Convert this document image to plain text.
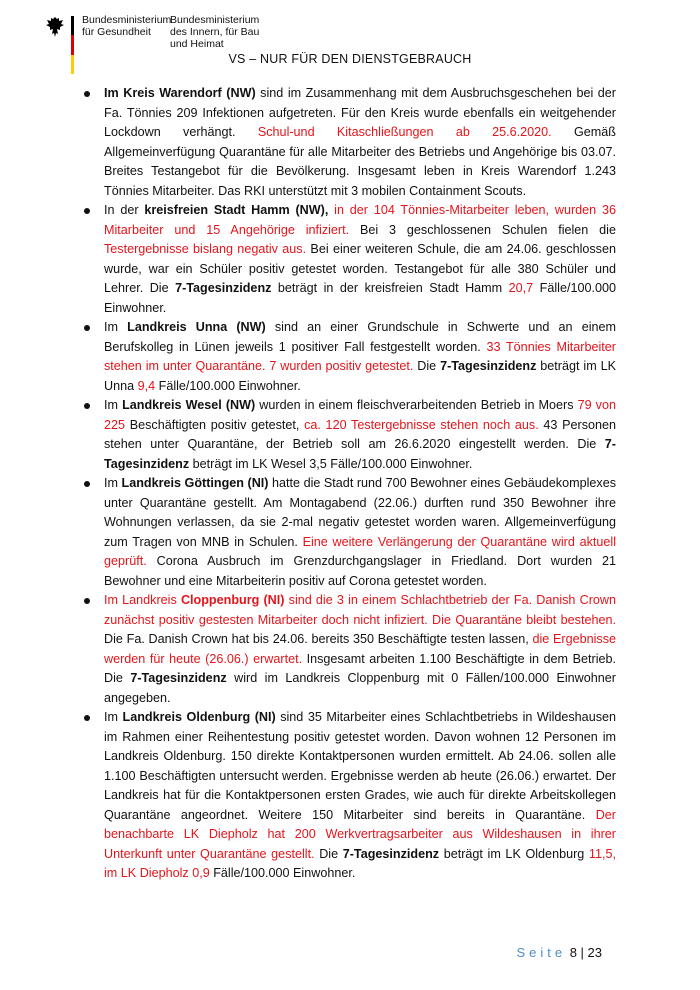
Bundesministerium
für Gesundheit
Bundesministerium
des Innern, für Bau
und Heimat
VS – NUR FÜR DEN DIENSTGEBRAUCH
Im Kreis Warendorf (NW) sind im Zusammenhang mit dem Ausbruchsgeschehen bei der Fa. Tönnies 209 Infektionen aufgetreten. Für den Kreis wurde ebenfalls ein weitgehender Lockdown verhängt. Schul-und Kitaschließungen ab 25.6.2020. Gemäß Allgemeinverfügung Quarantäne für alle Mitarbeiter des Betriebs und Angehörige bis 03.07. Breites Testangebot für die Bevölkerung. Insgesamt leben in Kreis Warendorf 1.243 Tönnies Mitarbeiter. Das RKI unterstützt mit 3 mobilen Containment Scouts.
In der kreisfreien Stadt Hamm (NW), in der 104 Tönnies-Mitarbeiter leben, wurden 36 Mitarbeiter und 15 Angehörige infiziert. Bei 3 geschlossenen Schulen fielen die Testergebnisse bislang negativ aus. Bei einer weiteren Schule, die am 24.06. geschlossen wurde, war ein Schüler positiv getestet worden. Testangebot für alle 380 Schüler und Lehrer. Die 7-Tagesinzidenz beträgt in der kreisfreien Stadt Hamm 20,7 Fälle/100.000 Einwohner.
Im Landkreis Unna (NW) sind an einer Grundschule in Schwerte und an einem Berufskolleg in Lünen jeweils 1 positiver Fall festgestellt worden. 33 Tönnies Mitarbeiter stehen im unter Quarantäne. 7 wurden positiv getestet. Die 7-Tagesinzidenz beträgt im LK Unna 9,4 Fälle/100.000 Einwohner.
Im Landkreis Wesel (NW) wurden in einem fleischverarbeitenden Betrieb in Moers 79 von 225 Beschäftigten positiv getestet, ca. 120 Testergebnisse stehen noch aus. 43 Personen stehen unter Quarantäne, der Betrieb soll am 26.6.2020 eingestellt werden. Die 7-Tagesinzidenz beträgt im LK Wesel 3,5 Fälle/100.000 Einwohner.
Im Landkreis Göttingen (NI) hatte die Stadt rund 700 Bewohner eines Gebäudekomplexes unter Quarantäne gestellt. Am Montagabend (22.06.) durften rund 350 Bewohner ihre Wohnungen verlassen, da sie 2-mal negativ getestet worden waren. Allgemeinverfügung zum Tragen von MNB in Schulen. Eine weitere Verlängerung der Quarantäne wird aktuell geprüft. Corona Ausbruch im Grenzdurchgangslager in Friedland. Dort wurden 21 Bewohner und eine Mitarbeiterin positiv auf Corona getestet worden.
Im Landkreis Cloppenburg (NI) sind die 3 in einem Schlachtbetrieb der Fa. Danish Crown zunächst positiv gestesten Mitarbeiter doch nicht infiziert. Die Quarantäne bleibt bestehen. Die Fa. Danish Crown hat bis 24.06. bereits 350 Beschäftigte testen lassen, die Ergebnisse werden für heute (26.06.) erwartet. Insgesamt arbeiten 1.100 Beschäftigte in dem Betrieb. Die 7-Tagesinzidenz wird im Landkreis Cloppenburg mit 0 Fällen/100.000 Einwohner angegeben.
Im Landkreis Oldenburg (NI) sind 35 Mitarbeiter eines Schlachtbetriebs in Wildeshausen im Rahmen einer Reihentestung positiv getestet worden. Davon wohnen 12 Personen im Landkreis Oldenburg. 150 direkte Kontaktpersonen wurden ermittelt. Ab 24.06. sollen alle 1.100 Beschäftigten untersucht werden. Ergebnisse werden ab heute (26.06.) erwartet. Der Landkreis hat für die Kontaktpersonen ersten Grades, wie auch für direkte Arbeitskollegen Quarantäne angeordnet. Weitere 150 Mitarbeiter sind bereits in Quarantäne. Der benachbarte LK Diepholz hat 200 Werkvertragsarbeiter aus Wildeshausen in ihrer Unterkunft unter Quarantäne gestellt. Die 7-Tagesinzidenz beträgt im LK Oldenburg 11,5, im LK Diepholz 0,9 Fälle/100.000 Einwohner.
Seite 8 | 23
